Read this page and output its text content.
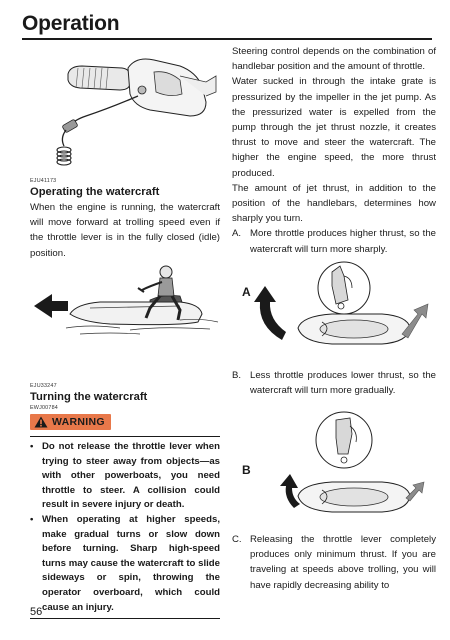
Operation
EJU41173
Operating the watercraft
When the engine is running, the watercraft will move forward at trolling speed even if the throttle lever is in the fully closed (idle) position.
EJU33247
Turning the watercraft
EWJ00784
WARNING
• Do not release the throttle lever when trying to steer away from objects—as with other powerboats, you need throttle to steer. A collision could result in severe injury or death.
• When operating at higher speeds, make gradual turns or slow down before turning. Sharp high-speed turns may cause the watercraft to slide sideways or spin, throwing the operator overboard, which could cause an injury.
Steering control depends on the combination of handlebar position and the amount of throttle.
Water sucked in through the intake grate is pressurized by the impeller in the jet pump. As the pressurized water is expelled from the pump through the jet thrust nozzle, it creates thrust to move and steer the watercraft. The higher the engine speed, the more thrust produced.
The amount of jet thrust, in addition to the position of the handlebars, determines how sharply you turn.
A. More throttle produces higher thrust, so the watercraft will turn more sharply.
A
B. Less throttle produces lower thrust, so the watercraft will turn more gradually.
B
C. Releasing the throttle lever completely produces only minimum thrust. If you are traveling at speeds above trolling, you will have rapidly decreasing ability to
56
